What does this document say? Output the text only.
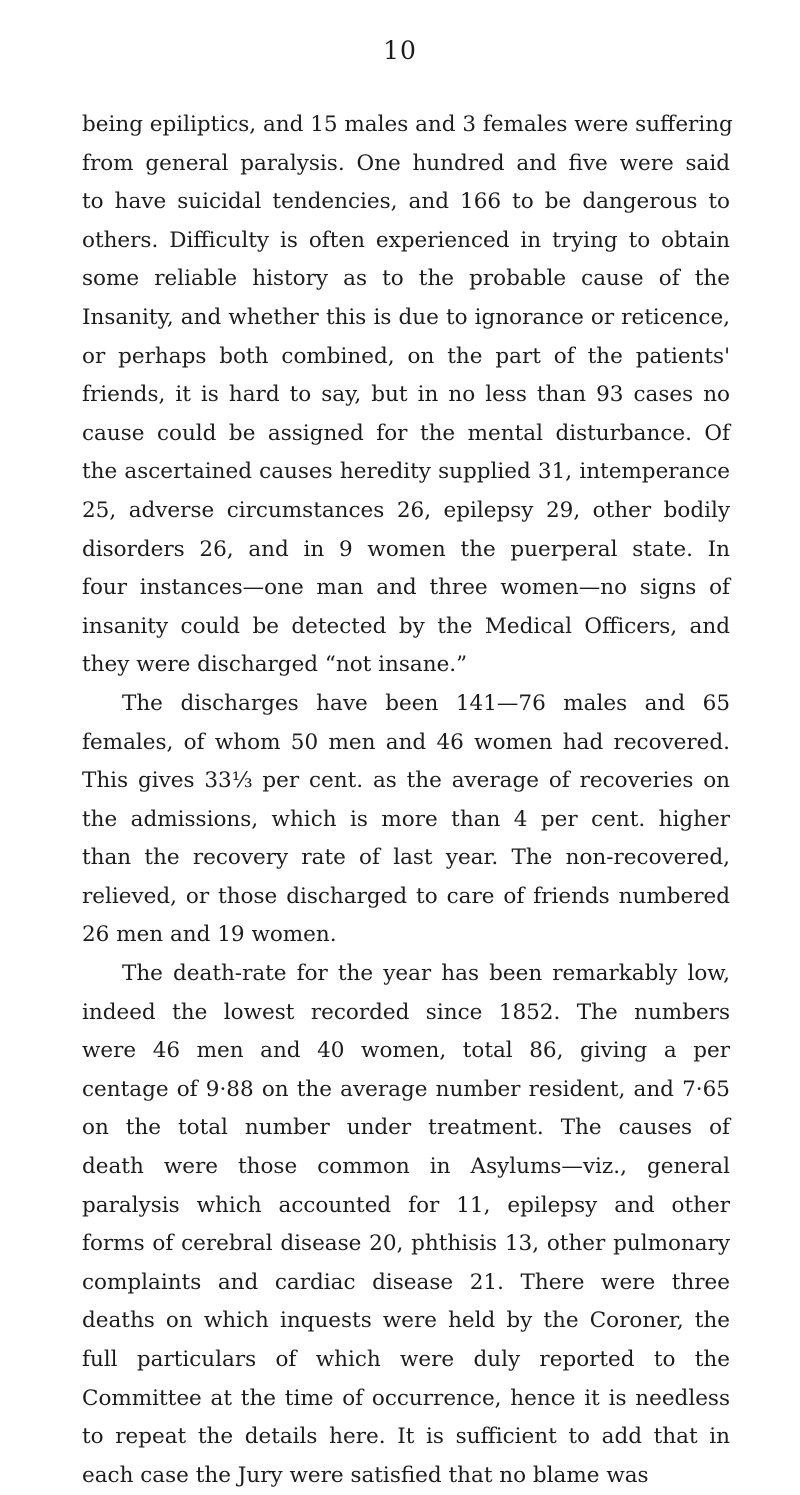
10
being epiliptics, and 15 males and 3 females were suffering
from general paralysis. One hundred and five were said
to have suicidal tendencies, and 166 to be dangerous to
others. Difficulty is often experienced in trying to obtain
some reliable history as to the probable cause of the
Insanity, and whether this is due to ignorance or reticence,
or perhaps both combined, on the part of the patients'
friends, it is hard to say, but in no less than 93 cases no
cause could be assigned for the mental disturbance. Of
the ascertained causes heredity supplied 31, intemperance
25, adverse circumstances 26, epilepsy 29, other bodily
disorders 26, and in 9 women the puerperal state. In
four instances—one man and three women—no signs of
insanity could be detected by the Medical Officers, and
they were discharged “not insane.”
The discharges have been 141—76 males and 65
females, of whom 50 men and 46 women had recovered.
This gives 33⅓ per cent. as the average of recoveries on
the admissions, which is more than 4 per cent. higher
than the recovery rate of last year. The non-recovered,
relieved, or those discharged to care of friends numbered
26 men and 19 women.
The death-rate for the year has been remarkably low,
indeed the lowest recorded since 1852. The numbers
were 46 men and 40 women, total 86, giving a per
centage of 9·88 on the average number resident, and 7·65
on the total number under treatment. The causes of
death were those common in Asylums—viz., general
paralysis which accounted for 11, epilepsy and other
forms of cerebral disease 20, phthisis 13, other pulmonary
complaints and cardiac disease 21. There were three
deaths on which inquests were held by the Coroner, the
full particulars of which were duly reported to the
Committee at the time of occurrence, hence it is needless
to repeat the details here. It is sufficient to add that in
each case the Jury were satisfied that no blame was
